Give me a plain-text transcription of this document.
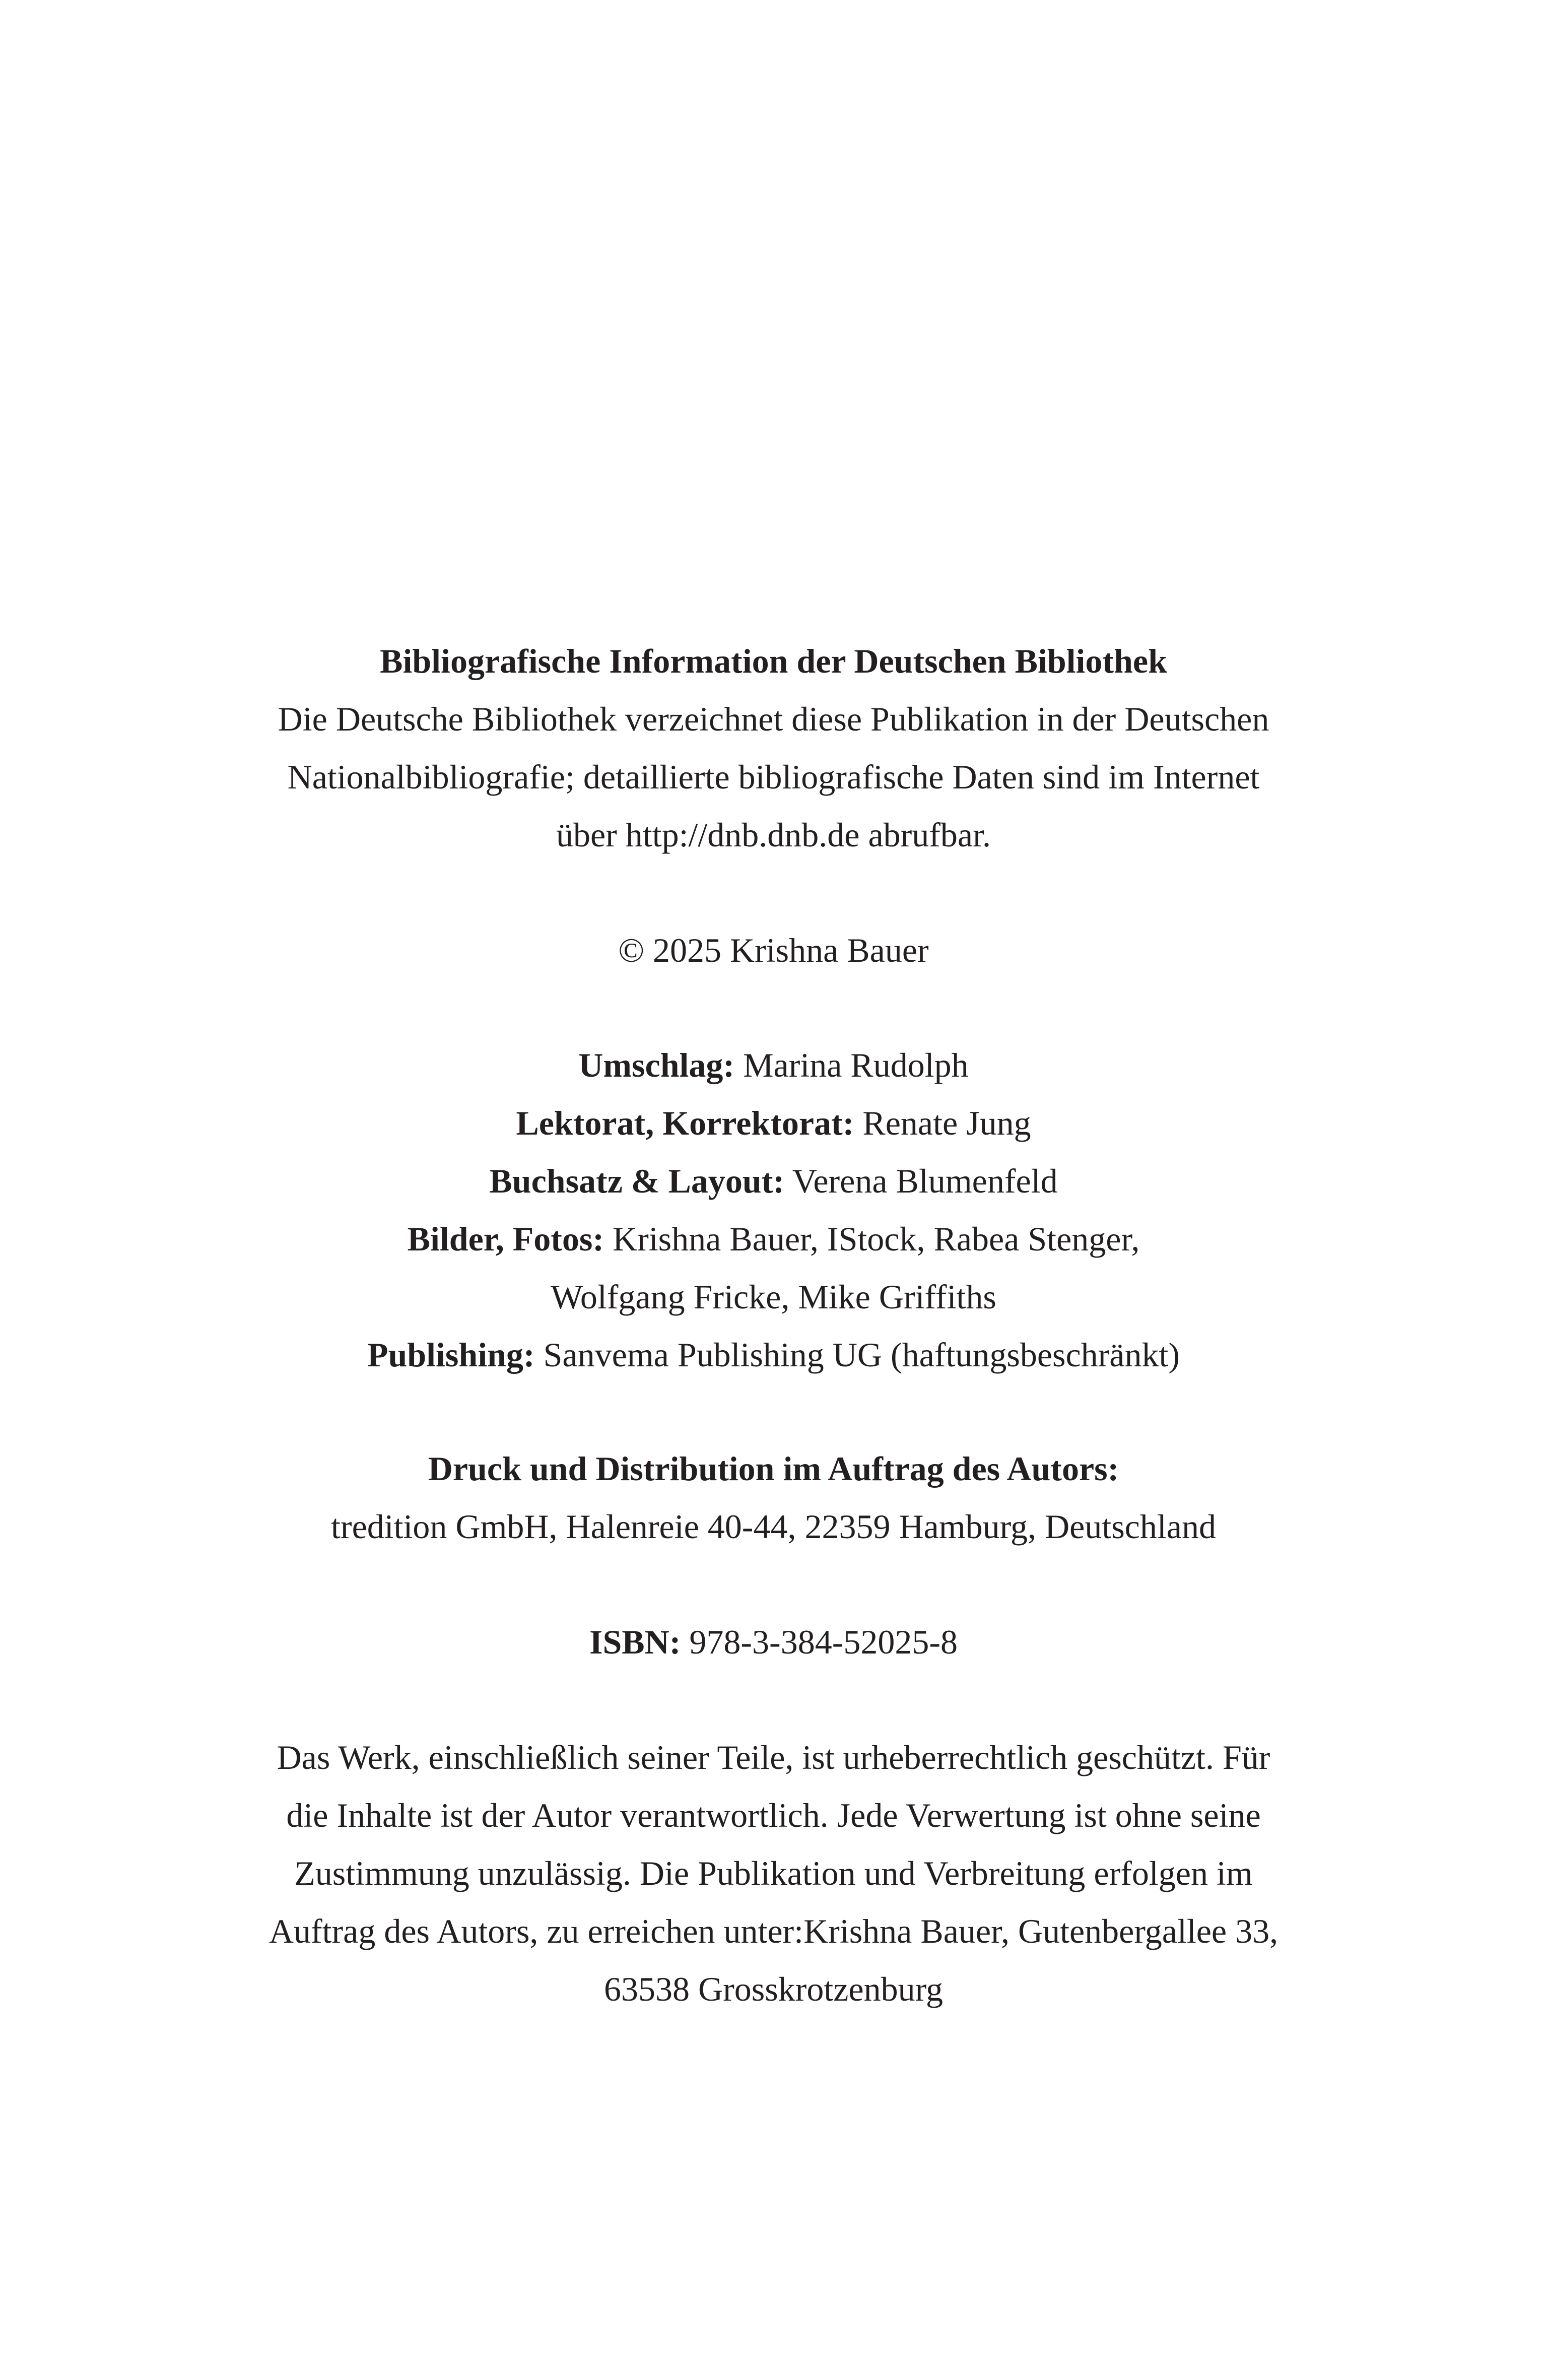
Bibliografische Information der Deutschen Bibliothek
Die Deutsche Bibliothek verzeichnet diese Publikation in der Deutschen
Nationalbibliografie; detaillierte bibliografische Daten sind im Internet
über http://dnb.dnb.de abrufbar.
© 2025 Krishna Bauer
Umschlag: Marina Rudolph
Lektorat, Korrektorat: Renate Jung
Buchsatz & Layout: Verena Blumenfeld
Bilder, Fotos: Krishna Bauer, IStock, Rabea Stenger,
Wolfgang Fricke, Mike Griffiths
Publishing: Sanvema Publishing UG (haftungsbeschränkt)
Druck und Distribution im Auftrag des Autors:
tredition GmbH, Halenreie 40-44, 22359 Hamburg, Deutschland
ISBN: 978-3-384-52025-8
Das Werk, einschließlich seiner Teile, ist urheberrechtlich geschützt. Für
die Inhalte ist der Autor verantwortlich. Jede Verwertung ist ohne seine
Zustimmung unzulässig. Die Publikation und Verbreitung erfolgen im
Auftrag des Autors, zu erreichen unter:Krishna Bauer, Gutenbergallee 33,
63538 Grosskrotzenburg
